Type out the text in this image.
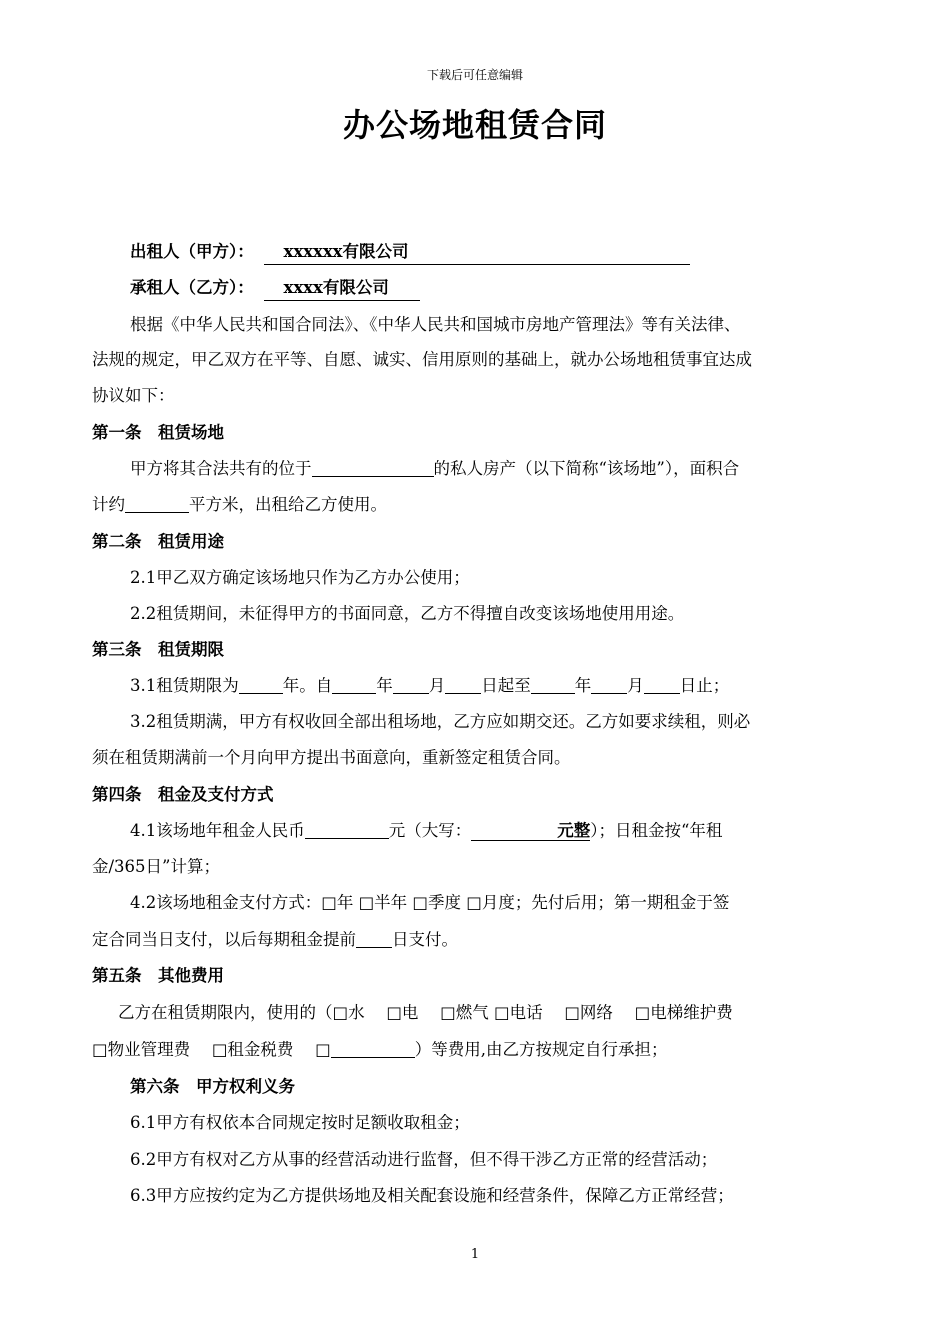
下载后可任意编辑
办公场地租赁合同
出租人（甲方）： xxxxxx有限公司
承租人（乙方）： xxxx有限公司
根据《中华人民共和国合同法》、《中华人民共和国城市房地产管理法》等有关法律、
法规的规定，甲乙双方在平等、自愿、诚实、信用原则的基础上，就办公场地租赁事宜达成
协议如下：
第一条　租赁场地
甲方将其合法共有的位于	的私人房产（以下简称“该场地”），面积合
计约	平方米，出租给乙方使用。
第二条　租赁用途
2.1甲乙双方确定该场地只作为乙方办公使用；
2.2租赁期间，未征得甲方的书面同意，乙方不得擅自改变该场地使用用途。
第三条　租赁期限
3.1租赁期限为	年。自	年 月 日起至	年 月 日止；
3.2租赁期满，甲方有权收回全部出租场地，乙方应如期交还。乙方如要求续租，则必
须在租赁期满前一个月向甲方提出书面意向，重新签定租赁合同。
第四条　租金及支付方式
4.1该场地年租金人民币	元（大写：	元整）；日租金按“年租
金/365日”计算；
4.2该场地租金支付方式：□年 □半年 □季度 □月度；先付后用；第一期租金于签
定合同当日支付，以后每期租金提前 日支付。
第五条　其他费用
乙方在租赁期限内，使用的（□水　 □电　 □燃气 □电话　 □网络　 □电梯维护费
□物业管理费　 □租金税费　 □	）等费用,由乙方按规定自行承担；
第六条　甲方权利义务
6.1甲方有权依本合同规定按时足额收取租金；
6.2甲方有权对乙方从事的经营活动进行监督，但不得干涉乙方正常的经营活动；
6.3甲方应按约定为乙方提供场地及相关配套设施和经营条件，保障乙方正常经营；
1
